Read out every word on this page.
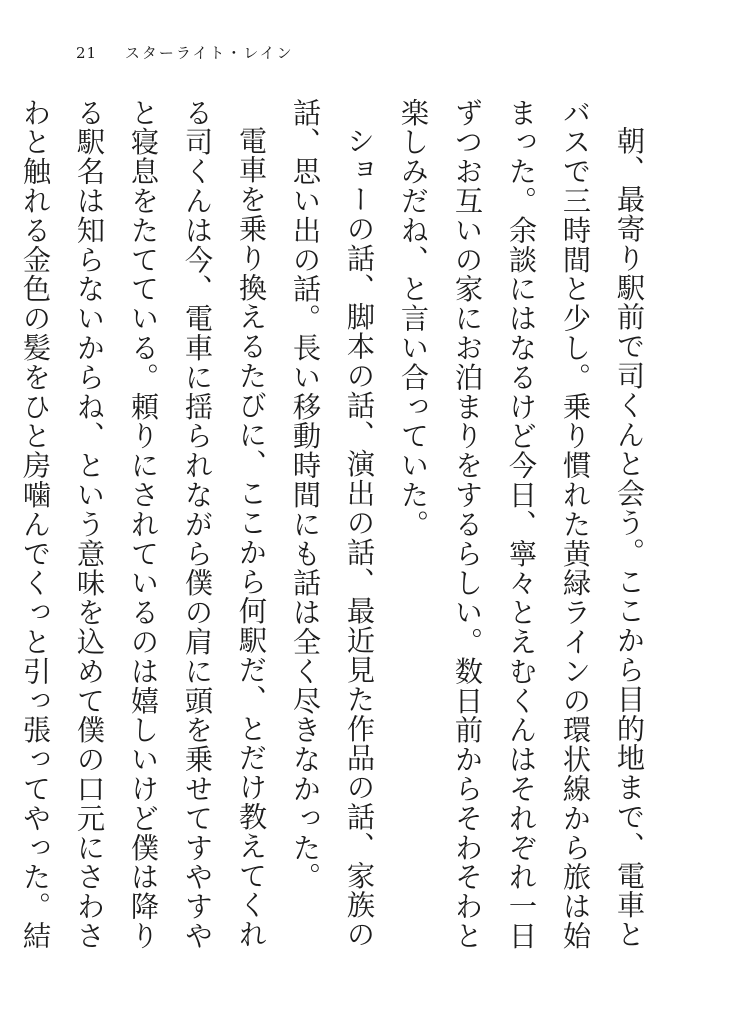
21 スターライト・レイン

朝、最寄り駅前で司くんと会う。ここから目的地まで、電車とバスで三時間と少し。乗り慣れた黄緑ラインの環状線から旅は始まった。余談にはなるけど今日、寧々とえむくんはそれぞれ一日ずつお互いの家にお泊まりをするらしい。数日前からそわそわと楽しみだね、と言い合っていた。

ショーの話、脚本の話、演出の話、最近見た作品の話、家族の話、思い出の話。長い移動時間にも話は全く尽きなかった。

電車を乗り換えるたびに、ここから何駅だ、とだけ教えてくれる司くんは今、電車に揺られながら僕の肩に頭を乗せてすやすやと寝息をたてている。頼りにされているのは嬉しいけど僕は降りる駅名は知らないからね、という意味を込めて僕の口元にさわさわと触れる金色の髪をひと房噛んでくっと引っ張ってやった。結
